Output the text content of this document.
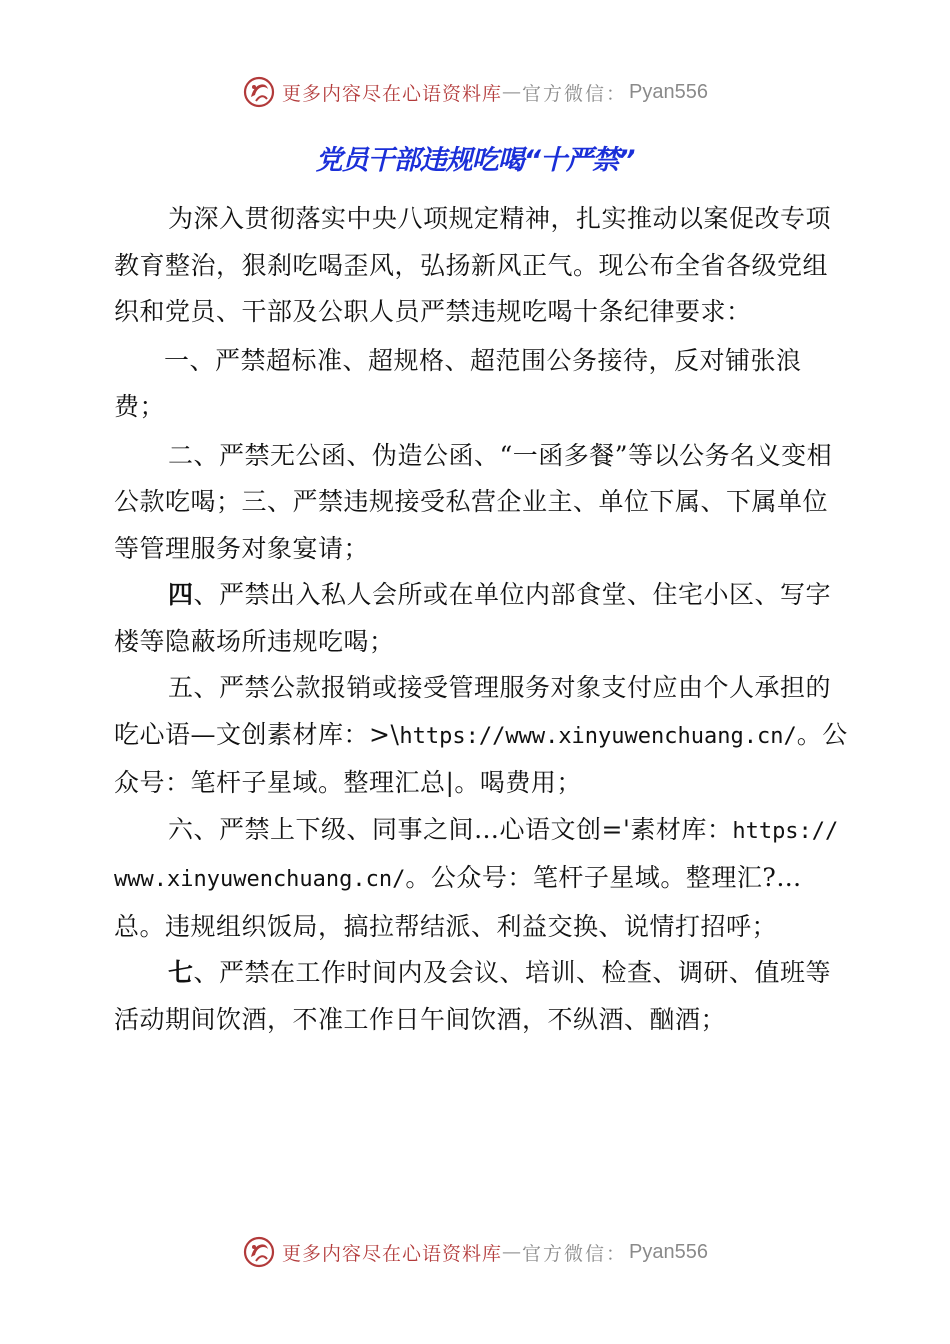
更多内容尽在心语资料库 — 官方微信： Pyan556
党员干部违规吃喝“十严禁”

为深入贯彻落实中央八项规定精神，扎实推动以案促改专项教育整治，狠刹吃喝歪风，弘扬新风正气。现公布全省各级党组织和党员、干部及公职人员严禁违规吃喝十条纪律要求：

一、严禁超标准、超规格、超范围公务接待，反对铺张浪费；

二、严禁无公函、伪造公函、“一函多餐”等以公务名义变相公款吃喝；三、严禁违规接受私营企业主、单位下属、下属单位等管理服务对象宴请；

四、严禁出入私人会所或在单位内部食堂、住宅小区、写字楼等隐蔽场所违规吃喝；

五、严禁公款报销或接受管理服务对象支付应由个人承担的吃心语—文创素材库：>\https://www.xinyuwenchuang.cn/。公众号：笔杆子星域。整理汇总|。喝费用；

六、严禁上下级、同事之间…心语文创='素材库：https://www.xinyuwenchuang.cn/。公众号：笔杆子星域。整理汇?…总。违规组织饭局，搞拉帮结派、利益交换、说情打招呼；

七、严禁在工作时间内及会议、培训、检查、调研、值班等活动期间饮酒，不准工作日午间饮酒，不纵酒、酗酒；

更多内容尽在心语资料库 — 官方微信： Pyan556
